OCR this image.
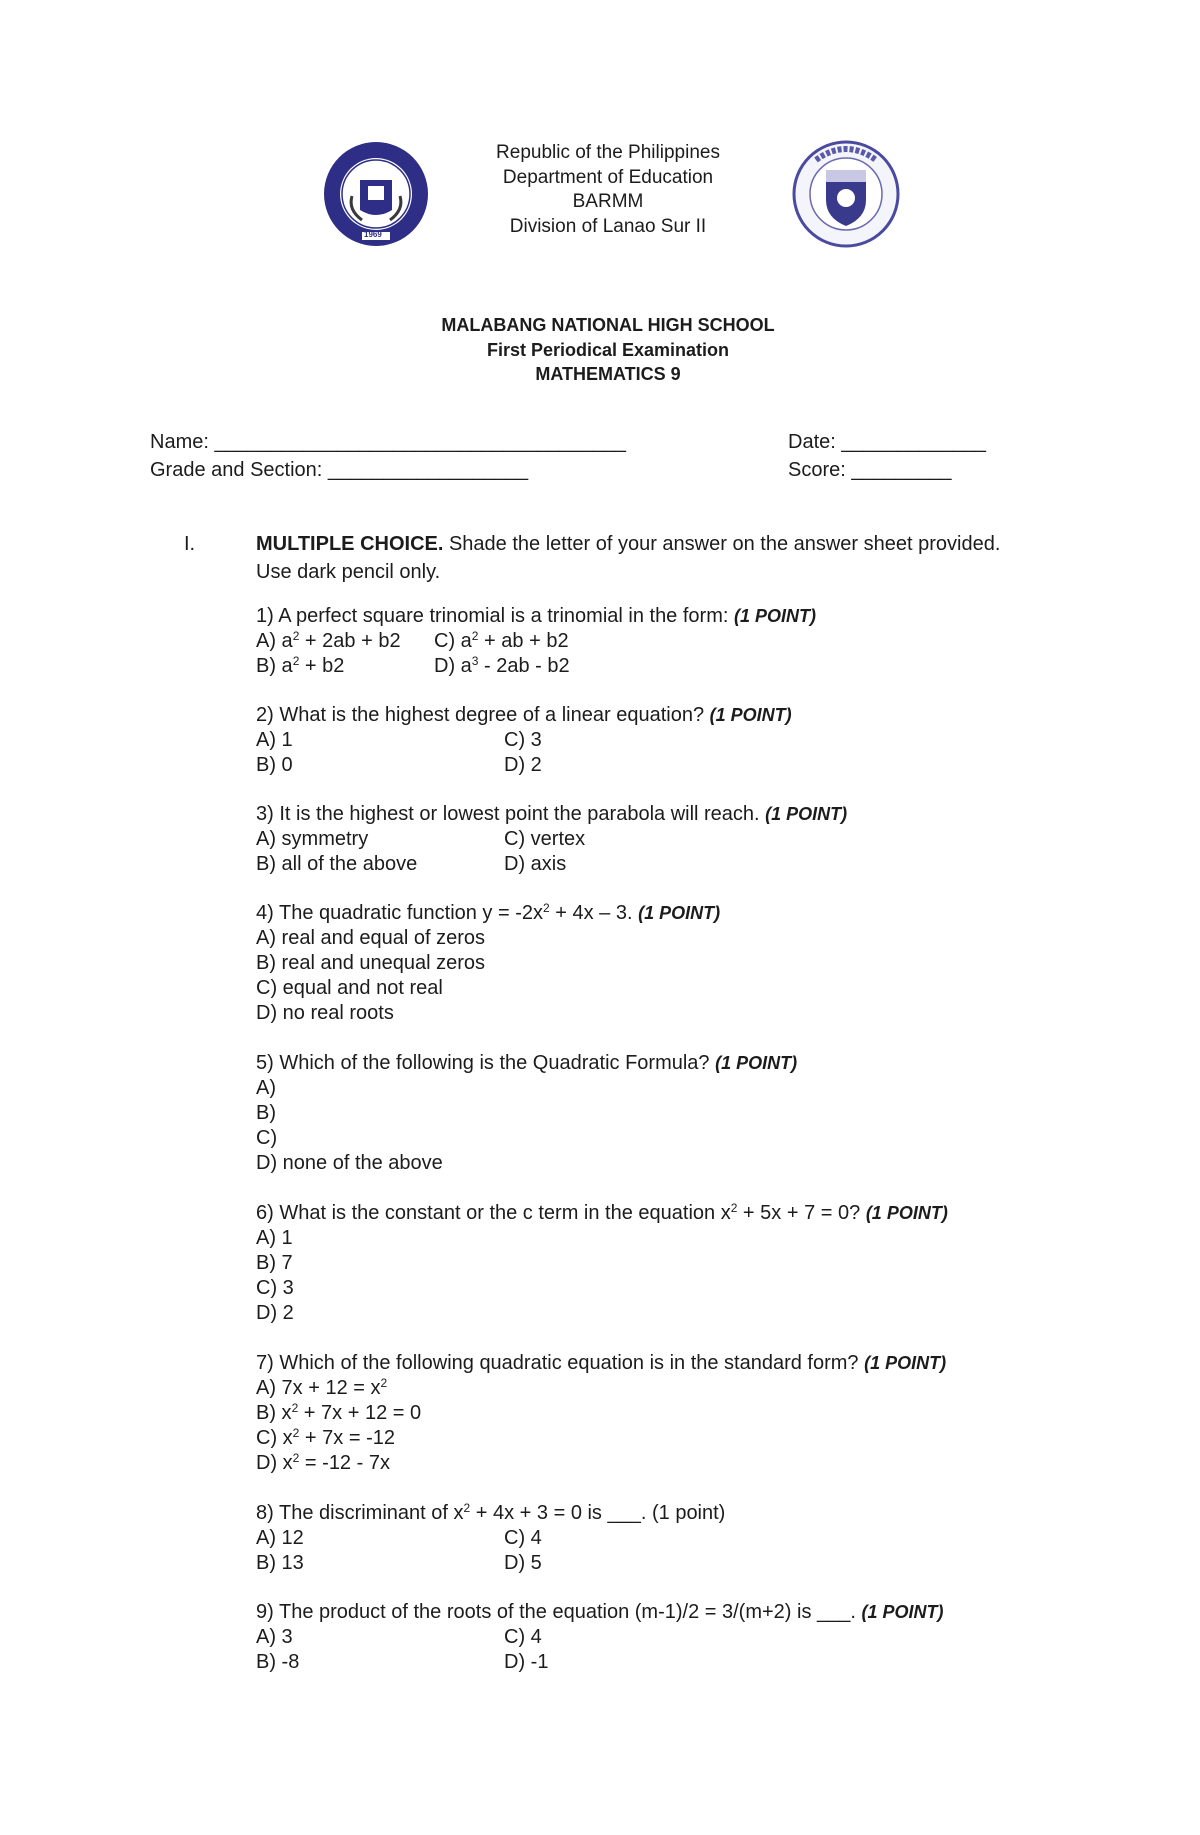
1969
Republic of the Philippines
Department of Education
BARMM
Division of Lanao Sur II
MALABANG NATIONAL HIGH SCHOOL
First Periodical Examination
MATHEMATICS 9
Name: _____________________________________	Date: _____________
Grade and Section: __________________	Score: _________
I.	MULTIPLE CHOICE. Shade the letter of your answer on the answer sheet provided.
Use dark pencil only.
1) A perfect square trinomial is a trinomial in the form: (1 POINT)
A) $a^2 + 2ab + b2$ C) $a^2$ + ab + b2
B) $a^2 + b2$	D) $a^3 - 2ab - b2$
2) What is the highest degree of a linear equation? (1 POINT)
A) 1	C) 3
B) 0	D) 2
3) It is the highest or lowest point the parabola will reach. (1 POINT)
A) symmetry	C) vertex
B) all of the above	D) axis
4) The quadratic function $y = -2x^2 + 4x - 3$. (1 POINT)
A) real and equal of zeros
B) real and unequal zeros
C) equal and not real
D) no real roots
5) Which of the following is the Quadratic Formula? (1 POINT)
A)
B)
C)
D) none of the above
6) What is the constant or the c term in the equation $x^2 + 5x + 7 = 0$? (1 POINT)
A) 1
B) 7
C) 3
D) 2
7) Which of the following quadratic equation is in the standard form? (1 POINT)
A) $7x + 12 = x^2$
B) $x^2 + 7x + 12 = 0$
C) $x^2 + 7x = -12$
D) $x^2 = -12 - 7x$
8) The discriminant of $x^2 + 4x + 3 = 0$ is ___. (1 point)
A) 12	C) 4
B) 13	D) 5
9) The product of the roots of the equation (m-1)/2 = 3/(m+2) is ___. (1 POINT)
A) 3	C) 4
B) -8	D) -1
